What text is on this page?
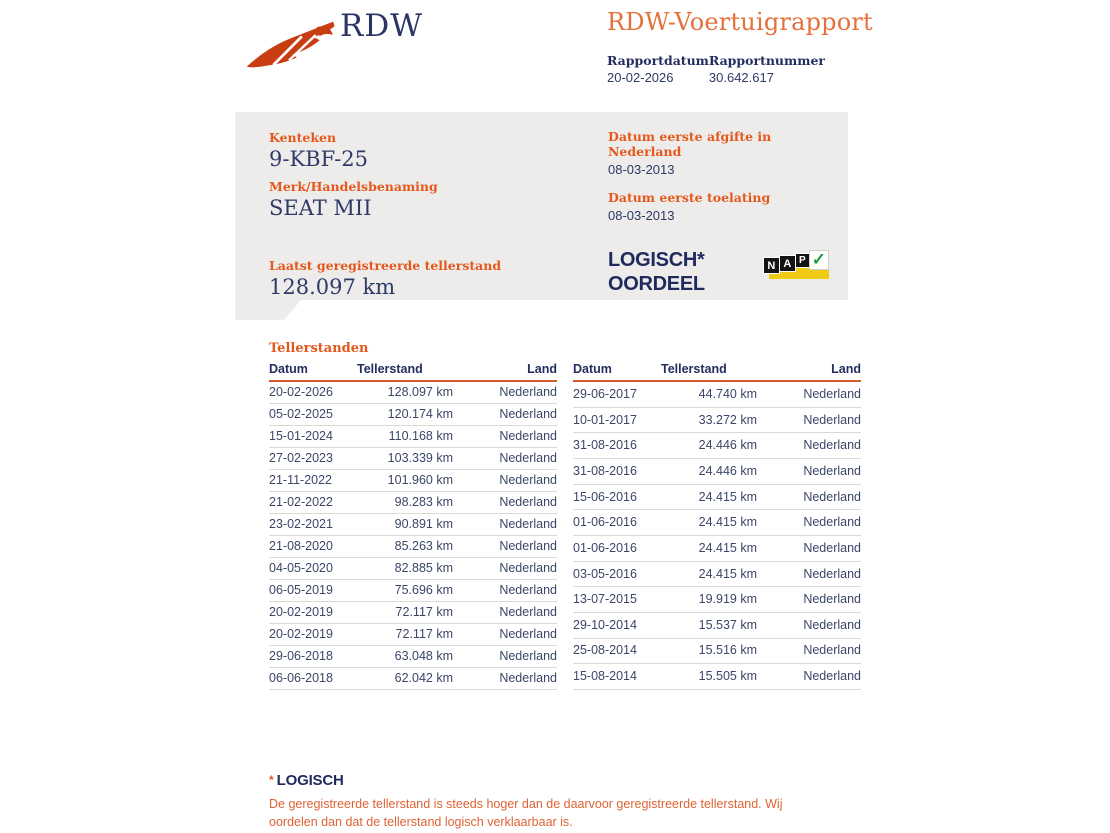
RDW	RDW-Voertuigrapport
Rapportdatum
20-02-2026
Rapportnummer
30.642.617
Kenteken
9-KBF-25
Merk/Handelsbenaming
SEAT MII
Laatst geregistreerde tellerstand
128.097 km
Datum eerste afgifte in Nederland
08-03-2013
Datum eerste toelating
08-03-2013
LOGISCH*
OORDEEL
N A P ✓
Tellerstanden
Datum	Tellerstand	Land
20-02-2026	128.097 km	Nederland
05-02-2025	120.174 km	Nederland
15-01-2024	110.168 km	Nederland
27-02-2023	103.339 km	Nederland
21-11-2022	101.960 km	Nederland
21-02-2022	98.283 km	Nederland
23-02-2021	90.891 km	Nederland
21-08-2020	85.263 km	Nederland
04-05-2020	82.885 km	Nederland
06-05-2019	75.696 km	Nederland
20-02-2019	72.117 km	Nederland
20-02-2019	72.117 km	Nederland
29-06-2018	63.048 km	Nederland
06-06-2018	62.042 km	Nederland
Datum	Tellerstand	Land
29-06-2017	44.740 km	Nederland
10-01-2017	33.272 km	Nederland
31-08-2016	24.446 km	Nederland
31-08-2016	24.446 km	Nederland
15-06-2016	24.415 km	Nederland
01-06-2016	24.415 km	Nederland
01-06-2016	24.415 km	Nederland
03-05-2016	24.415 km	Nederland
13-07-2015	19.919 km	Nederland
29-10-2014	15.537 km	Nederland
25-08-2014	15.516 km	Nederland
15-08-2014	15.505 km	Nederland
* LOGISCH
De geregistreerde tellerstand is steeds hoger dan de daarvoor geregistreerde tellerstand. Wij oordelen dan dat de tellerstand logisch verklaarbaar is.
